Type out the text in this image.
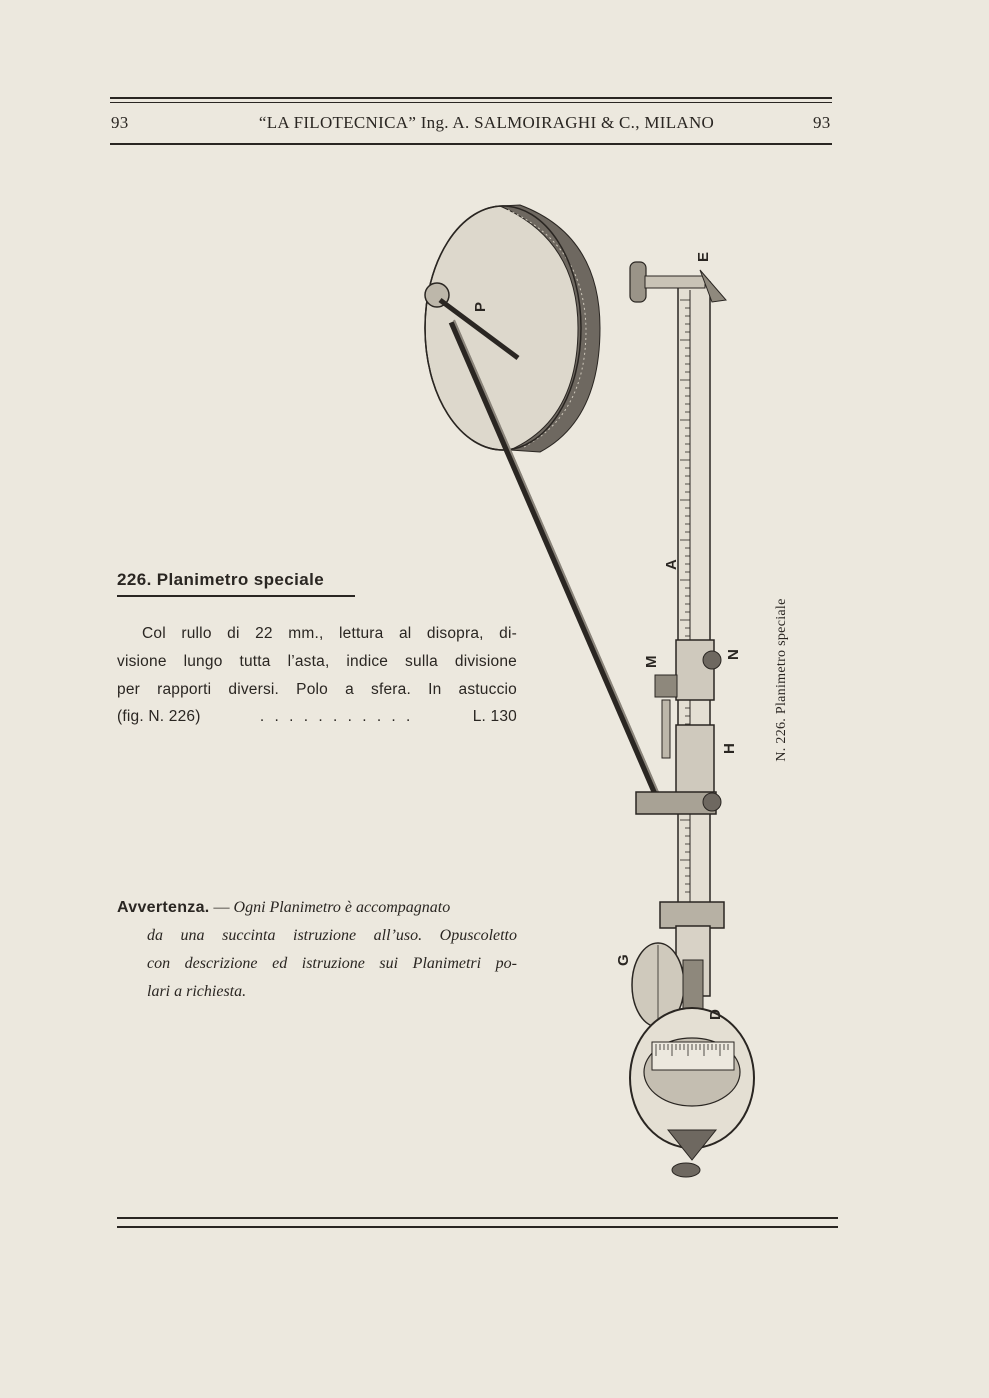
93	“LA FILOTECNICA” Ing. A. SALMOIRAGHI & C., MILANO	93
P
E
A
M
N
H
G
D
226. Planimetro speciale
Col rullo di 22 mm., lettura al disopra, di-
visione lungo tutta l’asta, indice sulla divisione
per rapporti diversi. Polo a sfera. In astuccio
(fig. N. 226)	. . . . . . . . . . .	L. 130
Avvertenza. — Ogni Planimetro è accompagnato
da una succinta istruzione all’uso. Opuscoletto
con descrizione ed istruzione sui Planimetri po-
lari a richiesta.
N. 226. Planimetro speciale
